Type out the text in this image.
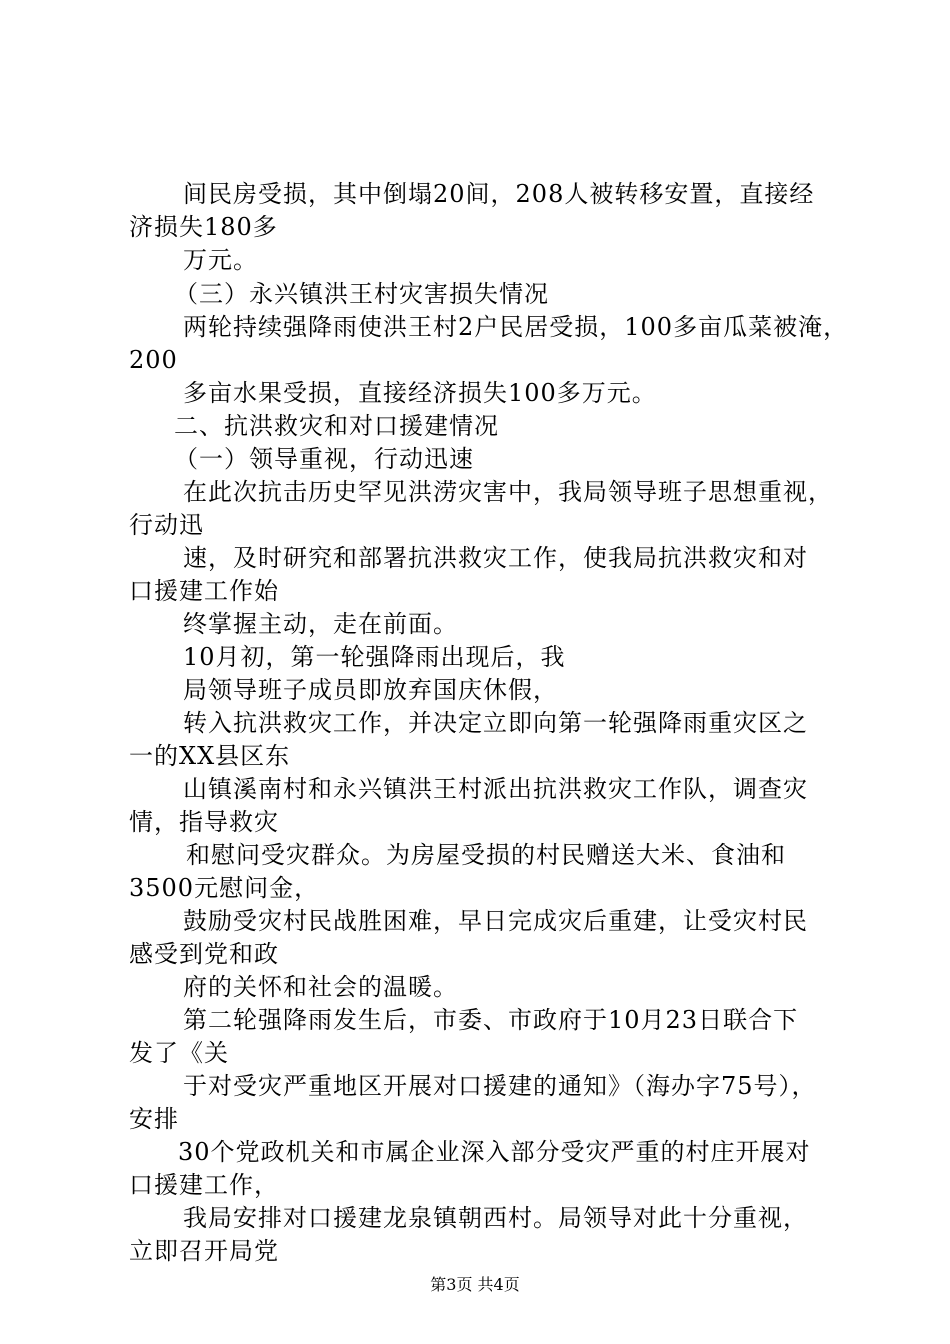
间民房受损，其中倒塌20间，208人被转移安置，直接经
济损失180多
万元。
（三）永兴镇洪王村灾害损失情况
两轮持续强降雨使洪王村2户民居受损，100多亩瓜菜被淹，
200
多亩水果受损，直接经济损失100多万元。
二、抗洪救灾和对口援建情况
（一）领导重视，行动迅速
在此次抗击历史罕见洪涝灾害中，我局领导班子思想重视，
行动迅
速，及时研究和部署抗洪救灾工作，使我局抗洪救灾和对
口援建工作始
终掌握主动，走在前面。
10月初，第一轮强降雨出现后，我
局领导班子成员即放弃国庆休假，
转入抗洪救灾工作，并决定立即向第一轮强降雨重灾区之
一的XX县区东
山镇溪南村和永兴镇洪王村派出抗洪救灾工作队，调查灾
情，指导救灾
和慰问受灾群众。为房屋受损的村民赠送大米、食油和
3500元慰问金，
鼓励受灾村民战胜困难，早日完成灾后重建，让受灾村民
感受到党和政
府的关怀和社会的温暖。
第二轮强降雨发生后，市委、市政府于10月23日联合下
发了《关
于对受灾严重地区开展对口援建的通知》（海办字75号），
安排
30个党政机关和市属企业深入部分受灾严重的村庄开展对
口援建工作，
我局安排对口援建龙泉镇朝西村。局领导对此十分重视，
立即召开局党
第3页 共4页
